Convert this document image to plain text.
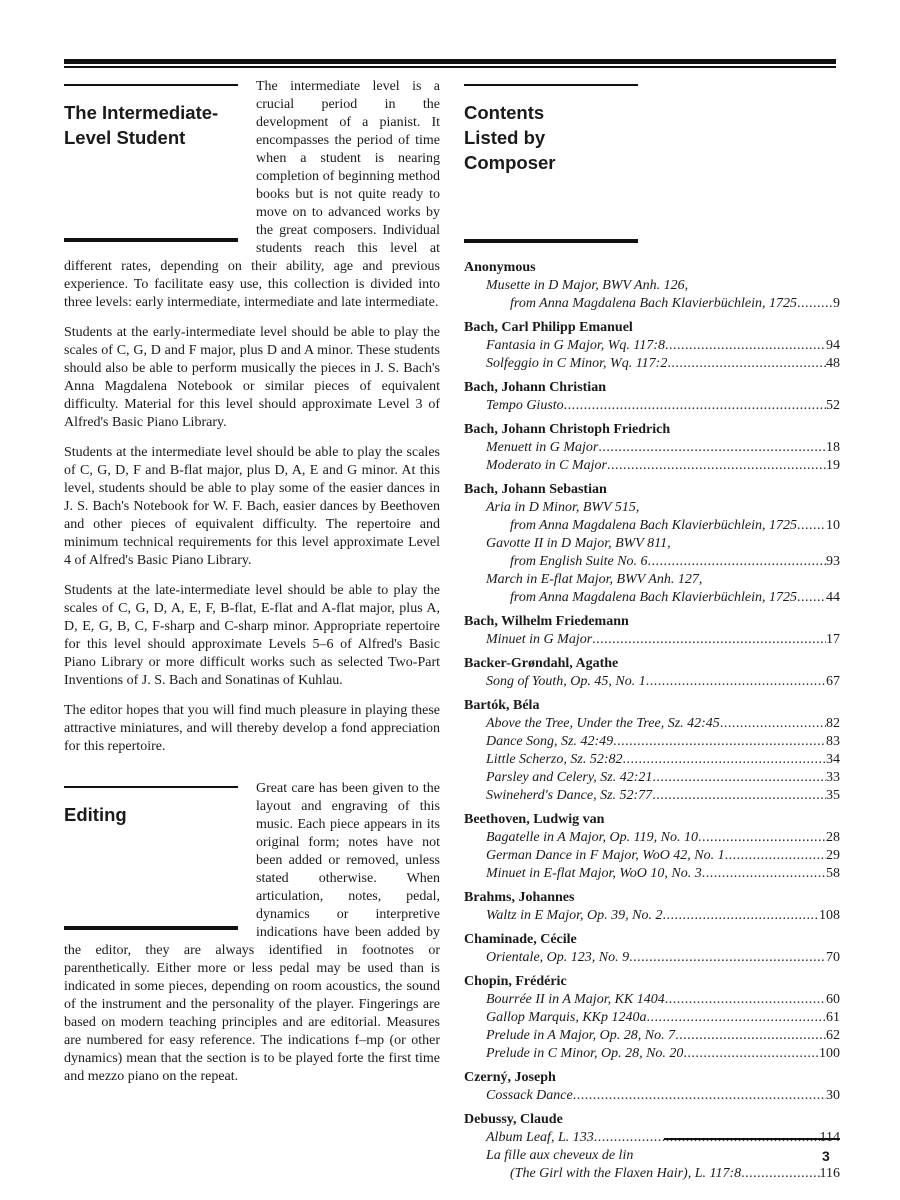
The Intermediate-
Level Student

The intermediate level is a crucial period in the development of a pianist. It encompasses the period of time when a student is nearing completion of beginning method books but is not quite ready to move on to advanced works by the great composers. Individual students reach this level at different rates, depending on their ability, age and previous experience. To facilitate easy use, this collection is divided into three levels: early intermediate, intermediate and late intermediate.

Students at the early-intermediate level should be able to play the scales of C, G, D and F major, plus D and A minor. These students should also be able to perform musically the pieces in J. S. Bach's Anna Magdalena Notebook or similar pieces of equivalent difficulty. Material for this level should approximate Level 3 of Alfred's Basic Piano Library.

Students at the intermediate level should be able to play the scales of C, G, D, F and B-flat major, plus D, A, E and G minor. At this level, students should be able to play some of the easier dances in J. S. Bach's Notebook for W. F. Bach, easier dances by Beethoven and other pieces of equivalent difficulty. The repertoire and minimum technical requirements for this level approximate Level 4 of Alfred's Basic Piano Library.

Students at the late-intermediate level should be able to play the scales of C, G, D, A, E, F, B-flat, E-flat and A-flat major, plus A, D, E, G, B, C, F-sharp and C-sharp minor. Appropriate repertoire for this level should approximate Levels 5–6 of Alfred's Basic Piano Library or more difficult works such as selected Two-Part Inventions of J. S. Bach and Sonatinas of Kuhlau.

The editor hopes that you will find much pleasure in playing these attractive miniatures, and will thereby develop a fond appreciation for this repertoire.

Editing

Great care has been given to the layout and engraving of this music. Each piece appears in its original form; notes have not been added or removed, unless stated otherwise. When articulation, notes, pedal, dynamics or interpretive indications have been added by the editor, they are always identified in footnotes or parenthetically. Either more or less pedal may be used than is indicated in some pieces, depending on room acoustics, the sound of the instrument and the personality of the player. Fingerings are based on modern teaching principles and are editorial. Measures are numbered for easy reference. The indications f–mp (or other dynamics) mean that the section is to be played forte the first time and mezzo piano on the repeat.

Contents
Listed by
Composer
Anonymous
Musette in D Major, BWV Anh. 126,
from Anna Magdalena Bach Klavierbüchlein, 1725
.....	9
Bach, Carl Philipp Emanuel
Fantasia in G Major, Wq. 117:8
.....	94
Solfeggio in C Minor, Wq. 117:2
.....	48
Bach, Johann Christian
Tempo Giusto
.....	52
Bach, Johann Christoph Friedrich
Menuett in G Major
.....	18
Moderato in C Major
.....	19
Bach, Johann Sebastian
Aria in D Minor, BWV 515,
from Anna Magdalena Bach Klavierbüchlein, 1725
..... 10
Gavotte II in D Major, BWV 811,
from English Suite No. 6
.....	93
March in E-flat Major, BWV Anh. 127,
from Anna Magdalena Bach Klavierbüchlein, 1725
..... 44
Bach, Wilhelm Friedemann
Minuet in G Major
.....	17
Backer-Grøndahl, Agathe
Song of Youth, Op. 45, No. 1
.....	67
Bartók, Béla
Above the Tree, Under the Tree, Sz. 42:45
.....	82
Dance Song, Sz. 42:49
.....	83
Little Scherzo, Sz. 52:82
.....	34
Parsley and Celery, Sz. 42:21
.....	33
Swineherd's Dance, Sz. 52:77
.....	35
Beethoven, Ludwig van
Bagatelle in A Major, Op. 119, No. 10
.....	28
German Dance in F Major, WoO 42, No. 1
.....	29
Minuet in E-flat Major, WoO 10, No. 3
.....	58
Brahms, Johannes
Waltz in E Major, Op. 39, No. 2
.....	108
Chaminade, Cécile
Orientale, Op. 123, No. 9
.....	70
Chopin, Frédéric
Bourrée II in A Major, KK 1404
.....	60
Gallop Marquis, KKp 1240a
.....	61
Prelude in A Major, Op. 28, No. 7
.....	62
Prelude in C Minor, Op. 28, No. 20
.....	100
Czerný, Joseph
Cossack Dance
.....	30
Debussy, Claude
Album Leaf, L. 133
.....
La fille aux cheveux de lin
(The Girl with the Flaxen Hair), L. 117:8
.....	116
3
